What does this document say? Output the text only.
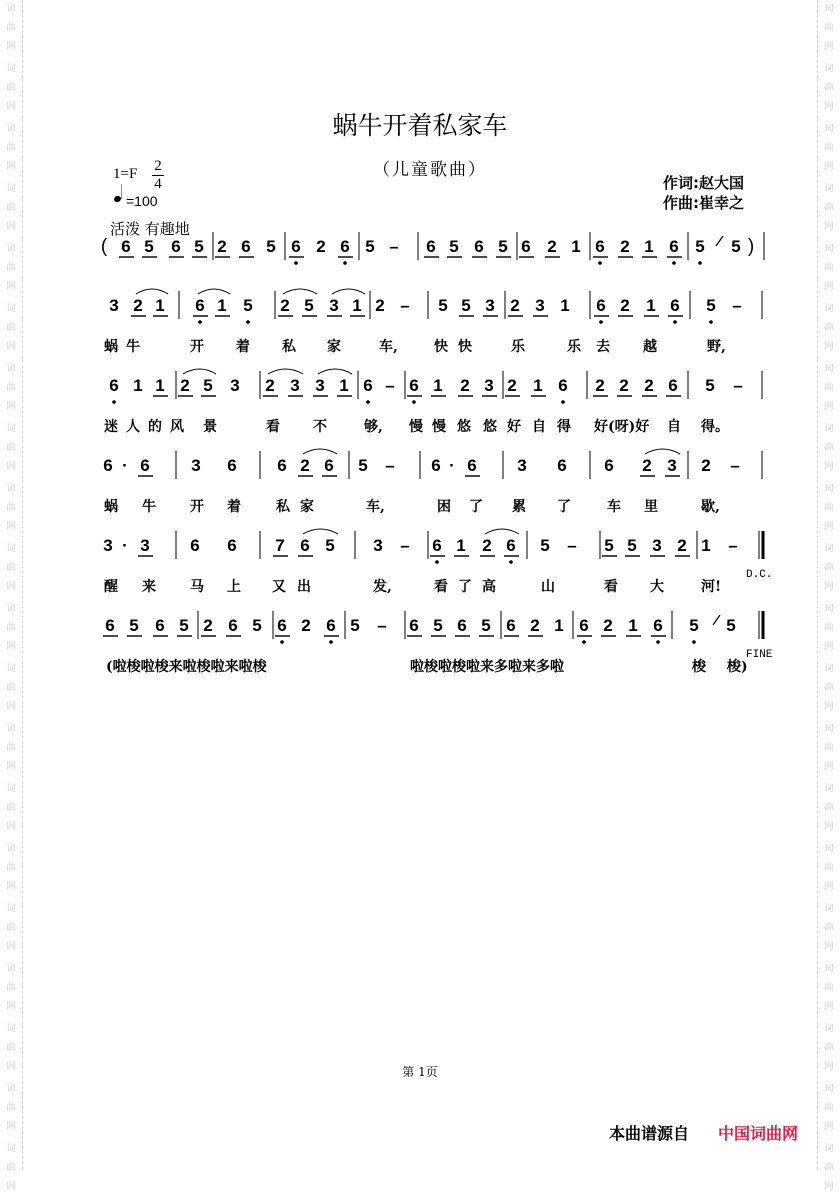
词
曲
网
词
曲
网
词
曲
网
词
曲
网
词
曲
网
词
曲
网
词
曲
网
词
曲
网
词
曲
网
词
曲
网
词
曲
网
词
曲
网
词
曲
网
词
曲
网
词
曲
网
词
曲
网
词
曲
网
词
曲
网
词
曲
网
词
曲
网
词
曲
网
词
曲
网
词
曲
网
词
曲
网
词
曲
网
词
曲
网
词
曲
网
词
曲
网
词
曲
网
词
曲
网
词
曲
网
词
曲
网
词
曲
网
词
曲
网
词
曲
网
词
曲
网
词
曲
网
词
曲
网
词
曲
网
词
曲
网
蜗牛开着私家车
（儿童歌曲）
作词:赵大国
作曲:崔幸之
1=F 2
4
=100
活泼 有趣地
( 6 5 6 5 2 6 5 6 2 6 5 – 6 5 6 5 6 2 1 6 2 1 6 5 5 )
3 2 1 6 1 5 2 5 3 1 2 – 5 5 3 2 3 1 6 2 1 6 5 –
蜗 牛	开 着 私 家	车,	快 快	乐	乐 去 越	野,
6 1 1 2 5 3 2 3 3 1 6 – 6 1 2 3 2 1 6 2 2 2 6 5 –
迷 人 的 风 景	看 不	够, 慢 慢 悠 悠 好 自 得 好(呀)好 自 得。
6 · 6 3 6 6 2 6 5 – 6 · 6 3 6 6 2 3 2 –
蜗 牛 开 着	私 家	车,	困 了 累 了	车 里	歇,
3 · 3 6 6 7 6 5 3 – 6 1 2 6 5 – 5 5 3 2 1 –
醒 来 马 上 又 出	发,	看 了 高	山	看 大	河!
D.C.
6 5 6 5 2 6 5 6 2 6 5 – 6 5 6 5 6 2 1 6 2 1 6 5 5
(啦梭啦梭来啦梭啦来啦梭	啦梭啦梭啦来多啦来多啦	梭 梭)
FINE
第 1页
本曲谱源自 中国词曲网
